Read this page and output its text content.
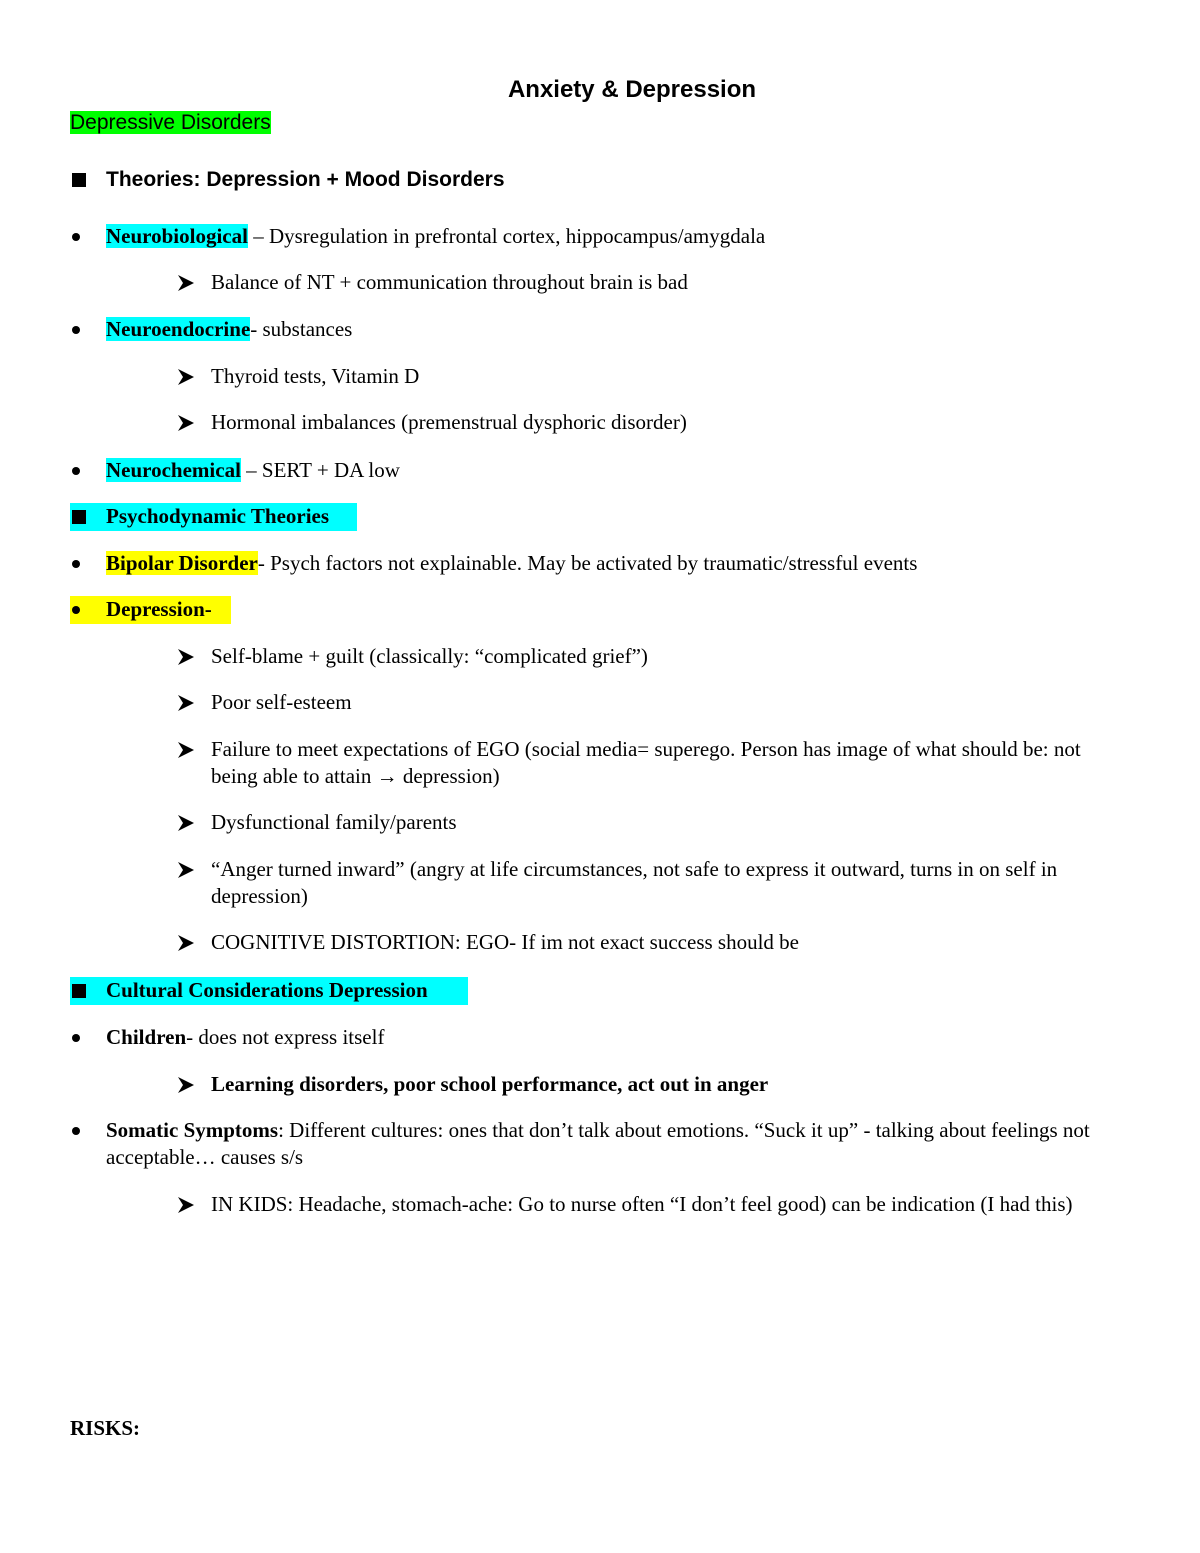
Anxiety & Depression
Depressive Disorders
Theories: Depression + Mood Disorders
Neurobiological – Dysregulation in prefrontal cortex, hippocampus/amygdala
Balance of NT + communication throughout brain is bad
Neuroendocrine- substances
Thyroid tests, Vitamin D
Hormonal imbalances (premenstrual dysphoric disorder)
Neurochemical – SERT + DA low
Psychodynamic Theories
Bipolar Disorder- Psych factors not explainable. May be activated by traumatic/stressful events
Depression-
Self-blame + guilt (classically: “complicated grief”)
Poor self-esteem
Failure to meet expectations of EGO (social media= superego. Person has image of what should be: not being able to attain → depression)
Dysfunctional family/parents
“Anger turned inward” (angry at life circumstances, not safe to express it outward, turns in on self in depression)
COGNITIVE DISTORTION: EGO- If im not exact success should be
Cultural Considerations Depression
Children- does not express itself
Learning disorders, poor school performance, act out in anger
Somatic Symptoms: Different cultures: ones that don’t talk about emotions. “Suck it up” - talking about feelings not acceptable… causes s/s
IN KIDS: Headache, stomach-ache: Go to nurse often “I don’t feel good) can be indication (I had this)
RISKS:
